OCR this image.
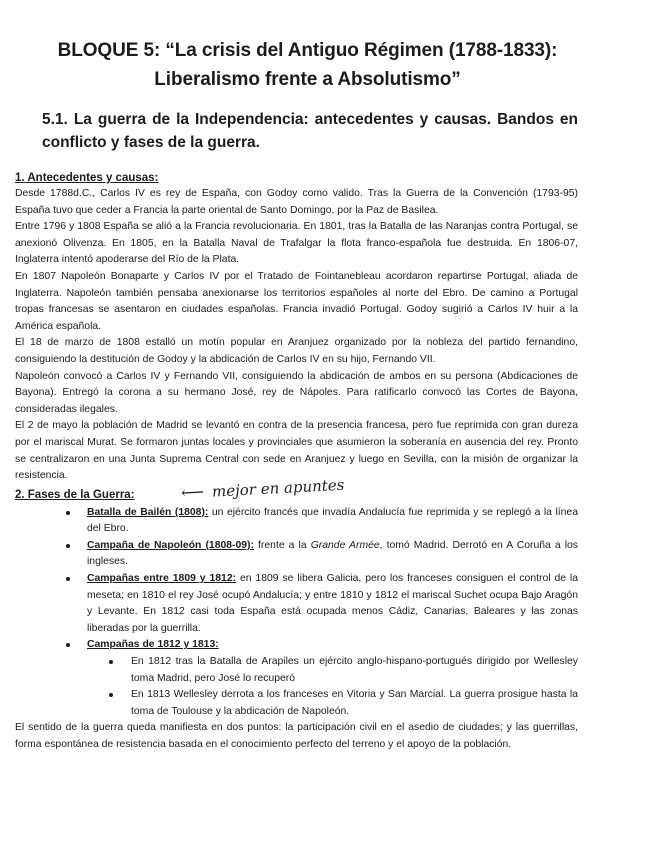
BLOQUE 5: “La crisis del Antiguo Régimen (1788-1833):
Liberalismo frente a Absolutismo”
5.1. La guerra de la Independencia: antecedentes y causas. Bandos en conflicto y fases de la guerra.
1. Antecedentes y causas:

Desde 1788d.C., Carlos IV es rey de España, con Godoy como valido. Tras la Guerra de la Convención (1793-95) España tuvo que ceder a Francia la parte oriental de Santo Domingo, por la Paz de Basilea.

Entre 1796 y 1808 España se alió a la Francia revolucionaria. En 1801, tras la Batalla de las Naranjas contra Portugal, se anexionó Olivenza. En 1805, en la Batalla Naval de Trafalgar la flota franco-española fue destruida. En 1806-07, Inglaterra intentó apoderarse del Río de la Plata.

En 1807 Napoleón Bonaparte y Carlos IV por el Tratado de Fointanebleau acordaron repartirse Portugal, aliada de Inglaterra. Napoleón también pensaba anexionarse los territorios españoles al norte del Ebro. De camino a Portugal tropas francesas se asentaron en ciudades españolas. Francia invadió Portugal. Godoy sugirió a Carlos IV huir a la América española.

El 18 de marzo de 1808 estalló un motín popular en Aranjuez organizado por la nobleza del partido fernandino, consiguiendo la destitución de Godoy y la abdicación de Carlos IV en su hijo, Fernando VII.

Napoleón convocó a Carlos IV y Fernando VII, consiguiendo la abdicación de ambos en su persona (Abdicaciones de Bayona). Entregó la corona a su hermano José, rey de Nápoles. Para ratificarlo convocó las Cortes de Bayona, consideradas ilegales.

El 2 de mayo la población de Madrid se levantó en contra de la presencia francesa, pero fue reprimida con gran dureza por el mariscal Murat. Se formaron juntas locales y provinciales que asumieron la soberanía en ausencia del rey. Pronto se centralizaron en una Junta Suprema Central con sede en Aranjuez y luego en Sevilla, con la misión de organizar la resistencia.

2. Fases de la Guerra:	⟵ mejor en apuntes
Batalla de Bailén (1808): un ejército francés que invadía Andalucía fue reprimida y se replegó a la línea del Ebro.
Campaña de Napoleón (1808-09): frente a la Grande Armée, tomó Madrid. Derrotó en A Coruña a los ingleses.
Campañas entre 1809 y 1812: en 1809 se libera Galicia, pero los franceses consiguen el control de la meseta; en 1810 el rey José ocupó Andalucía; y entre 1810 y 1812 el mariscal Suchet ocupa Bajo Aragón y Levante. En 1812 casi toda España está ocupada menos Cádiz, Canarias, Baleares y las zonas liberadas por la guerrilla.
Campañas de 1812 y 1813:
En 1812 tras la Batalla de Arapiles un ejército anglo-hispano-portugués dirigido por Wellesley toma Madrid, pero José lo recuperó
En 1813 Wellesley derrota a los franceses en Vitoria y San Marcial. La guerra prosigue hasta la toma de Toulouse y la abdicación de Napoleón.

El sentido de la guerra queda manifiesta en dos puntos: la participación civil en el asedio de ciudades; y las guerrillas, forma espontánea de resistencia basada en el conocimiento perfecto del terreno y el apoyo de la población.
